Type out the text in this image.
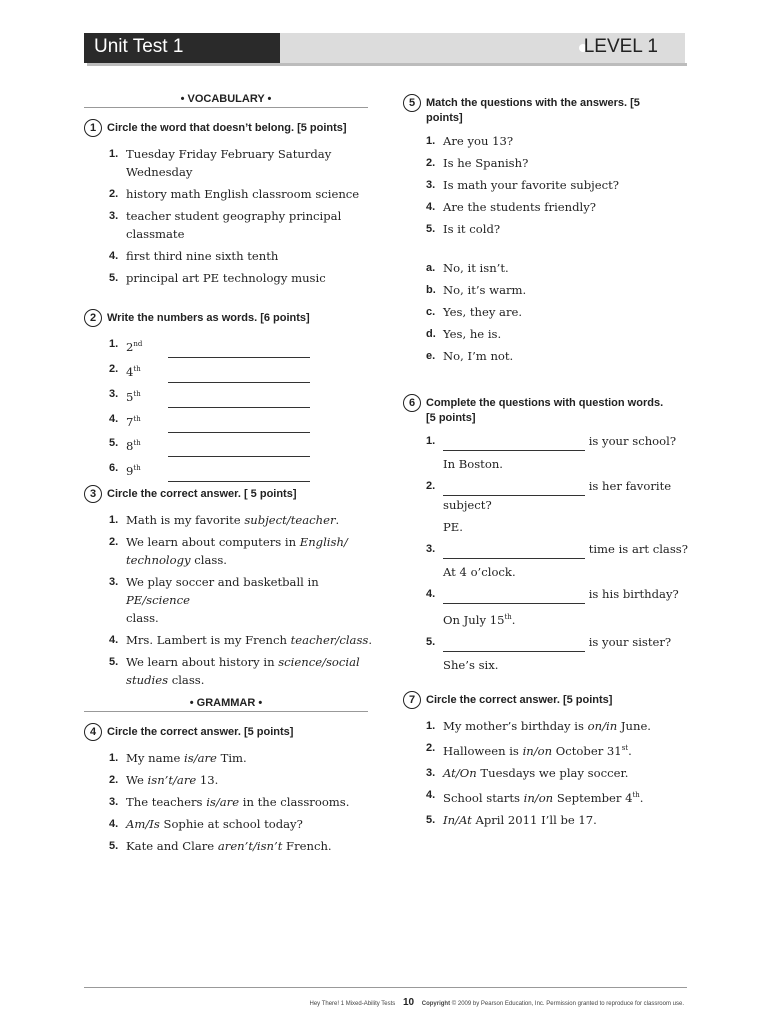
Unit Test 1	LEVEL 1
• VOCABULARY •
1 Circle the word that doesn’t belong. [5 points]
1. Tuesday Friday February Saturday
Wednesday
2. history math English classroom science
3. teacher student geography principal
classmate
4. first third nine sixth tenth
5. principal art PE technology music
2 Write the numbers as words. [6 points]
1. 2nd

2. 4th

3. 5th

4. 7th

5. 8th

6. 9th

3 Circle the correct answer. [ 5 points]
1. Math is my favorite subject/teacher.
2. We learn about computers in English/
technology class.
3. We play soccer and basketball in PE/science
class.
4. Mrs. Lambert is my French teacher/class.
5. We learn about history in science/social
studies class.
• GRAMMAR •
4 Circle the correct answer. [5 points]
1. My name is/are Tim.
2. We isn’t/are 13.
3. The teachers is/are in the classrooms.
4. Am/Is Sophie at school today?
5. Kate and Clare aren’t/isn’t French.
5 Match the questions with the answers. [5
points]
1. Are you 13?
2. Is he Spanish?
3. Is math your favorite subject?
4. Are the students friendly?
5. Is it cold?
a. No, it isn’t.
b. No, it’s warm.
c. Yes, they are.
d. Yes, he is.
e. No, I’m not.
6 Complete the questions with question words.
[5 points]
1.	is your school?
In Boston.
2.	is her favorite
subject?
PE.
3.	time is art class?
At 4 o’clock.
4.	is his birthday?
On July 15th.
5.	is your sister?
She’s six.
7 Circle the correct answer. [5 points]
1. My mother’s birthday is on/in June.
2. Halloween is in/on October 31st.
3. At/On Tuesdays we play soccer.
4. School starts in/on September 4th.
5. In/At April 2011 I’ll be 17.
Hey There! 1 Mixed-Ability Tests 10 Copyright © 2009 by Pearson Education, Inc. Permission granted to reproduce for classroom use.
